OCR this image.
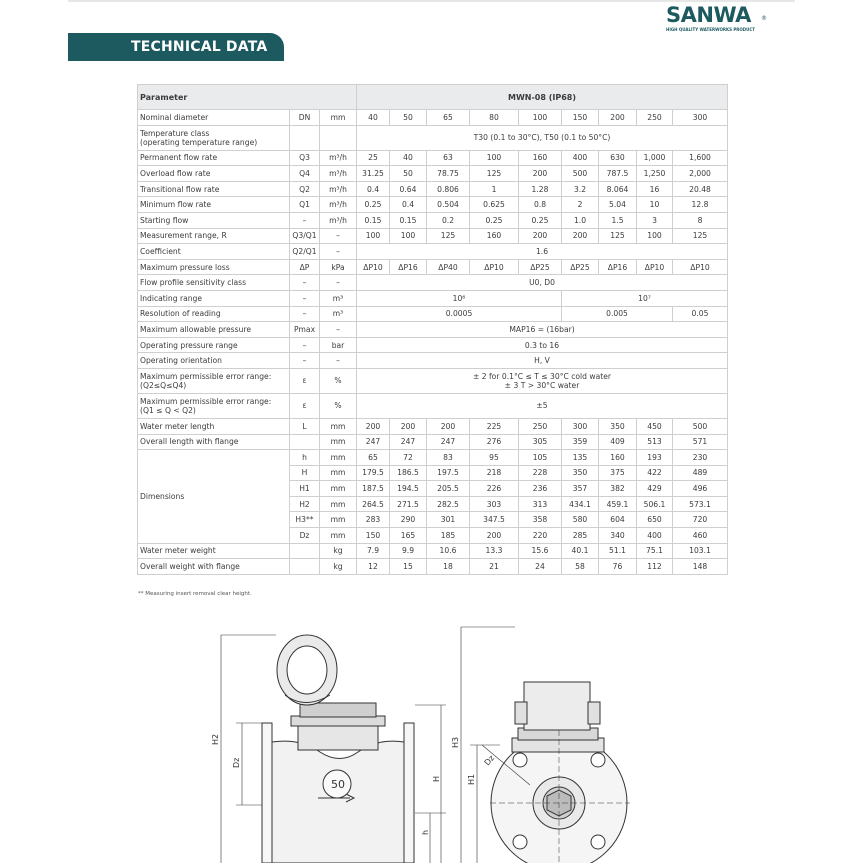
SANWA ®
HIGH QUALITY WATERWORKS PRODUCT
TECHNICAL DATA
Parameter			MWN-08 (IP68)								
Nominal diameter	DN	mm	40	50	65	80	100	150	200	250	300
Temperature class
(operating temperature range)			T30 (0.1 to 30°C), T50 (0.1 to 50°C)								
Permanent flow rate	Q3	m³/h	25	40	63	100	160	400	630	1,000	1,600
Overload flow rate	Q4	m³/h	31.25	50	78.75	125	200	500	787.5	1,250	2,000
Transitional flow rate	Q2	m³/h	0.4	0.64	0.806	1	1.28	3.2	8.064	16	20.48
Minimum flow rate	Q1	m³/h	0.25	0.4	0.504	0.625	0.8	2	5.04	10	12.8
Starting flow	–	m³/h	0.15	0.15	0.2	0.25	0.25	1.0	1.5	3	8
Measurement range, R	Q3/Q1	–	100	100	125	160	200	200	125	100	125
Coefficient	Q2/Q1	–	1.6								
Maximum pressure loss	ΔP	kPa	ΔP10	ΔP16	ΔP40	ΔP10	ΔP25	ΔP25	ΔP16	ΔP10	ΔP10
Flow profile sensitivity class	–	–	U0, D0								
Indicating range	–	m³	10⁶					10⁷			
Resolution of reading	–	m³	0.0005					0.005			0.05
Maximum allowable pressure	Pmax	–	MAP16 = (16bar)								
Operating pressure range	–	bar	0.3 to 16								
Operating orientation	–	–	H, V								
Maximum permissible error range:
(Q2≤Q≤Q4)	ε	%	± 2 for 0.1°C ≤ T ≤ 30°C cold water
± 3 T > 30°C water								
Maximum permissible error range:
(Q1 ≤ Q < Q2)	ε	%	±5								
Water meter length	L	mm	200	200	200	225	250	300	350	450	500
Overall length with flange		mm	247	247	247	276	305	359	409	513	571
Dimensions	h	mm	65	72	83	95	105	135	160	193	230
	H	mm	179.5	186.5	197.5	218	228	350	375	422	489
	H1	mm	187.5	194.5	205.5	226	236	357	382	429	496
	H2	mm	264.5	271.5	282.5	303	313	434.1	459.1	506.1	573.1
	H3**	mm	283	290	301	347.5	358	580	604	650	720
	Dz	mm	150	165	185	200	220	285	340	400	460
Water meter weight		kg	7.9	9.9	10.6	13.3	15.6	40.1	51.1	75.1	103.1
Overall weight with flange		kg	12	15	18	21	24	58	76	112	148
** Measuring insert removal clear height.
50
H2
Dz
H
h
H3
H1
Dz
